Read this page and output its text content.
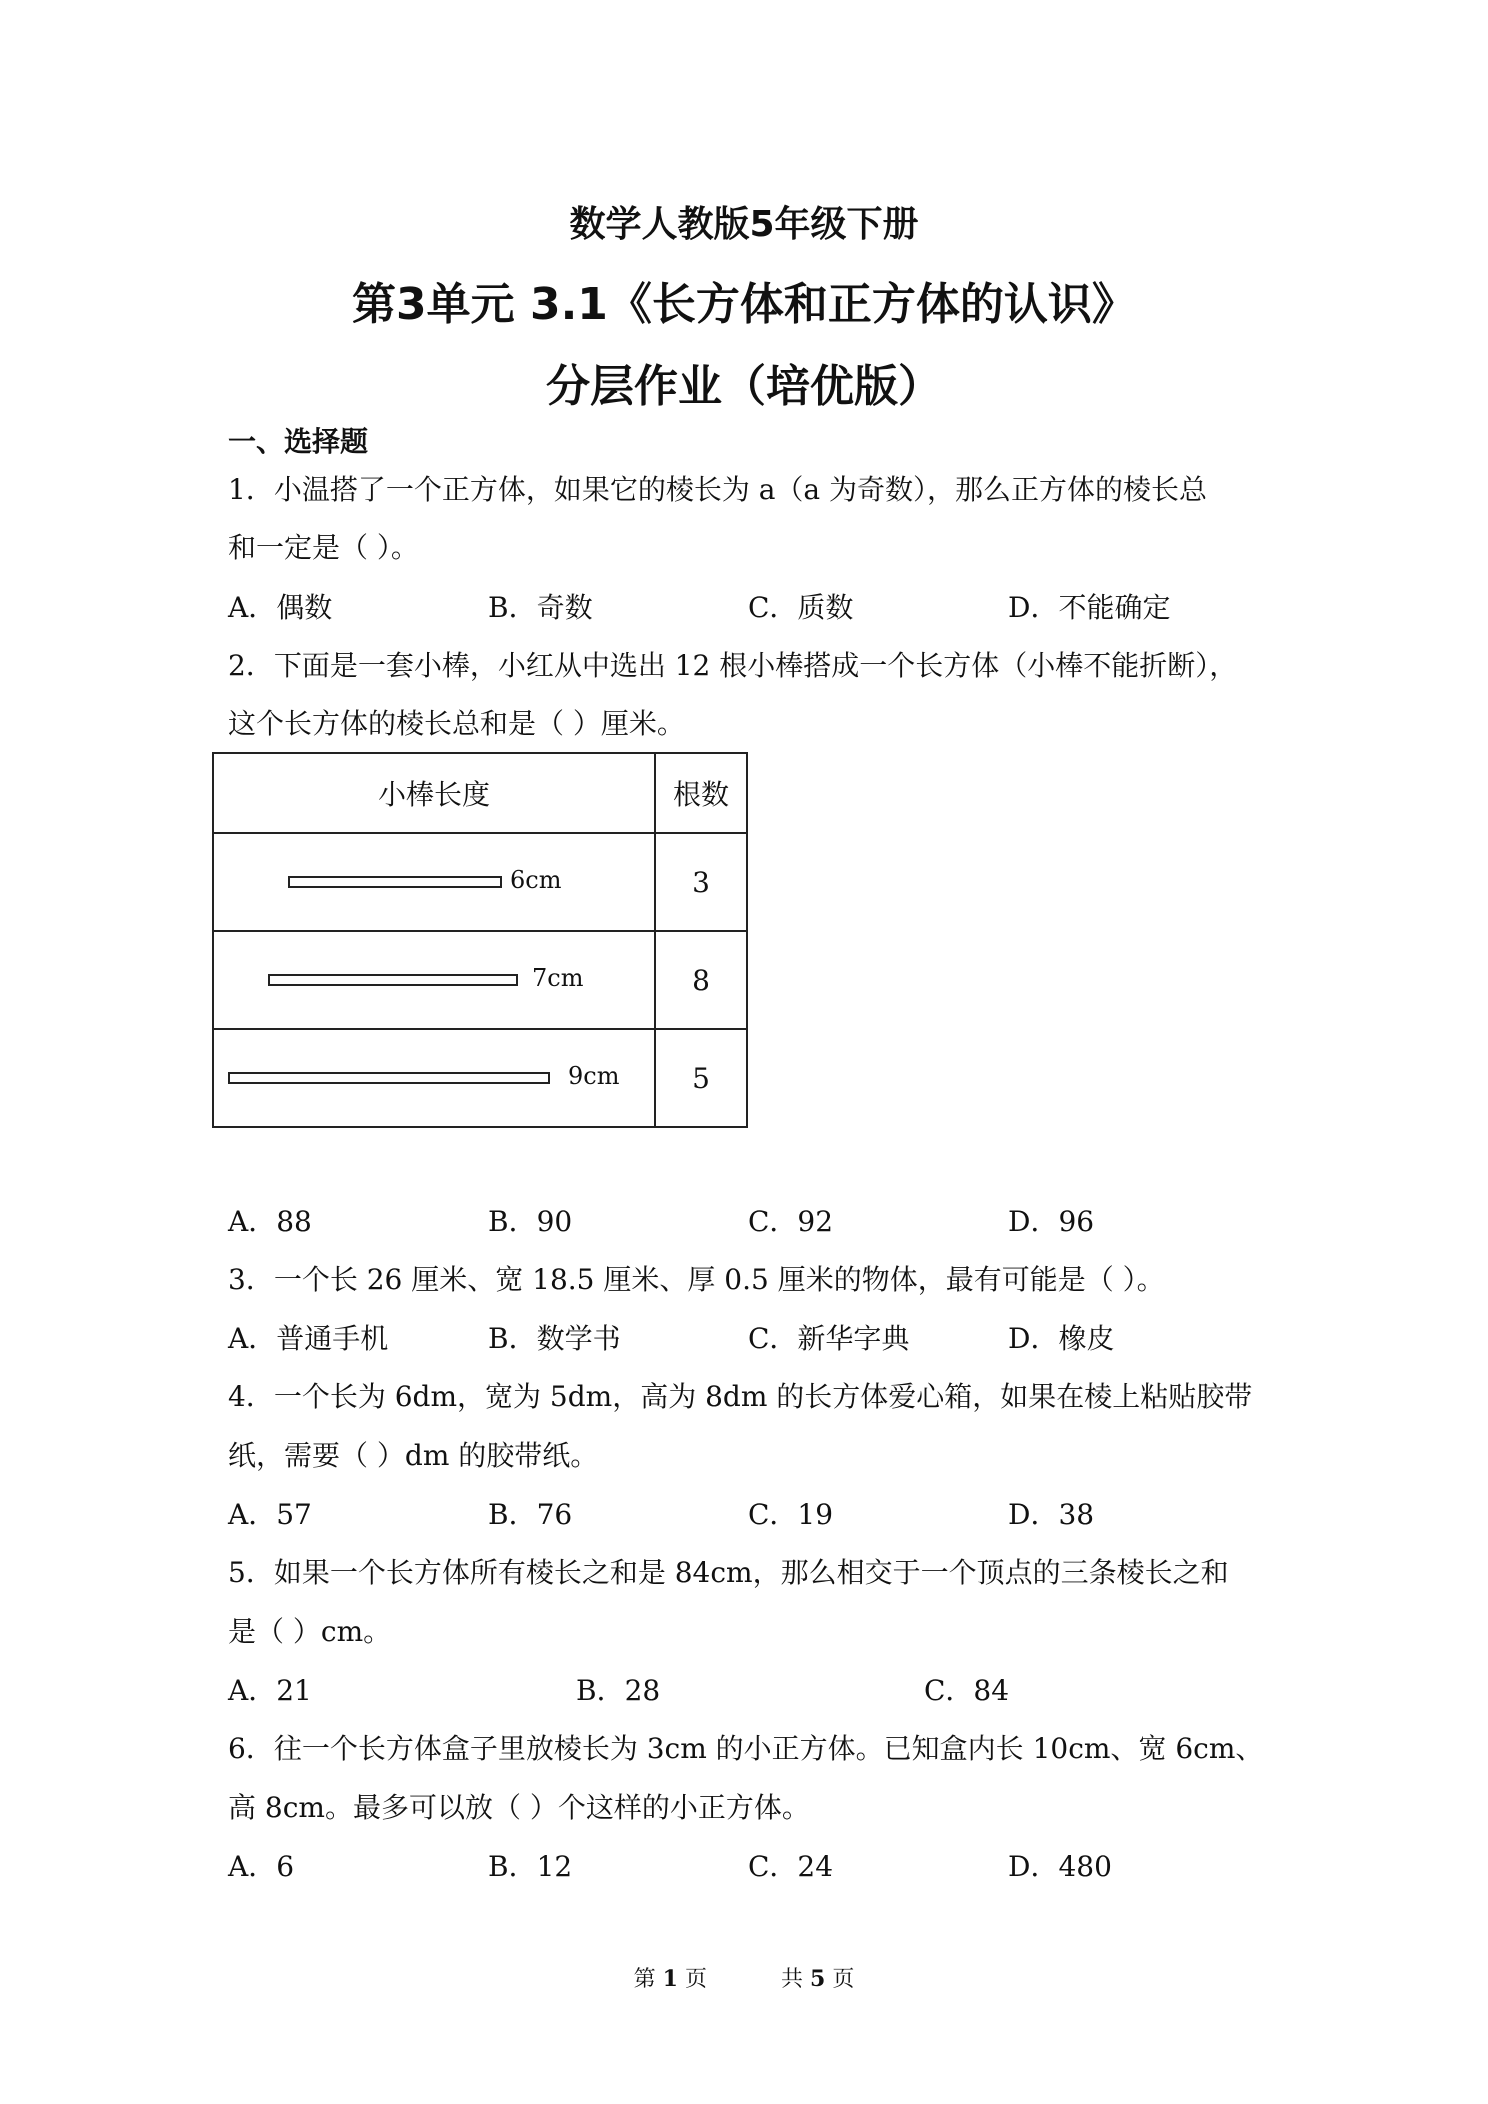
数学人教版5年级下册
第3单元 3.1《长方体和正方体的认识》
分层作业（培优版）
一、选择题
1．小温搭了一个正方体，如果它的棱长为 a（a 为奇数），那么正方体的棱长总
和一定是（ ）。
A．偶数	B．奇数	C．质数	D．不能确定
2．下面是一套小棒，小红从中选出 12 根小棒搭成一个长方体（小棒不能折断），
这个长方体的棱长总和是（ ）厘米。
小棒长度	根数

6cm	3

7cm	8

9cm	5
A．88	B．90	C．92	D．96
3．一个长 26 厘米、宽 18.5 厘米、厚 0.5 厘米的物体，最有可能是（ ）。
A．普通手机	B．数学书	C．新华字典	D．橡皮
4．一个长为 6dm，宽为 5dm，高为 8dm 的长方体爱心箱，如果在棱上粘贴胶带
纸，需要（ ）dm 的胶带纸。
A．57	B．76	C．19	D．38
5．如果一个长方体所有棱长之和是 84cm，那么相交于一个顶点的三条棱长之和
是（ ）cm。
A．21	B．28	C．84
6．往一个长方体盒子里放棱长为 3cm 的小正方体。已知盒内长 10cm、宽 6cm、
高 8cm。最多可以放（ ）个这样的小正方体。
A．6	B．12	C．24	D．480
第 1 页	共 5 页
